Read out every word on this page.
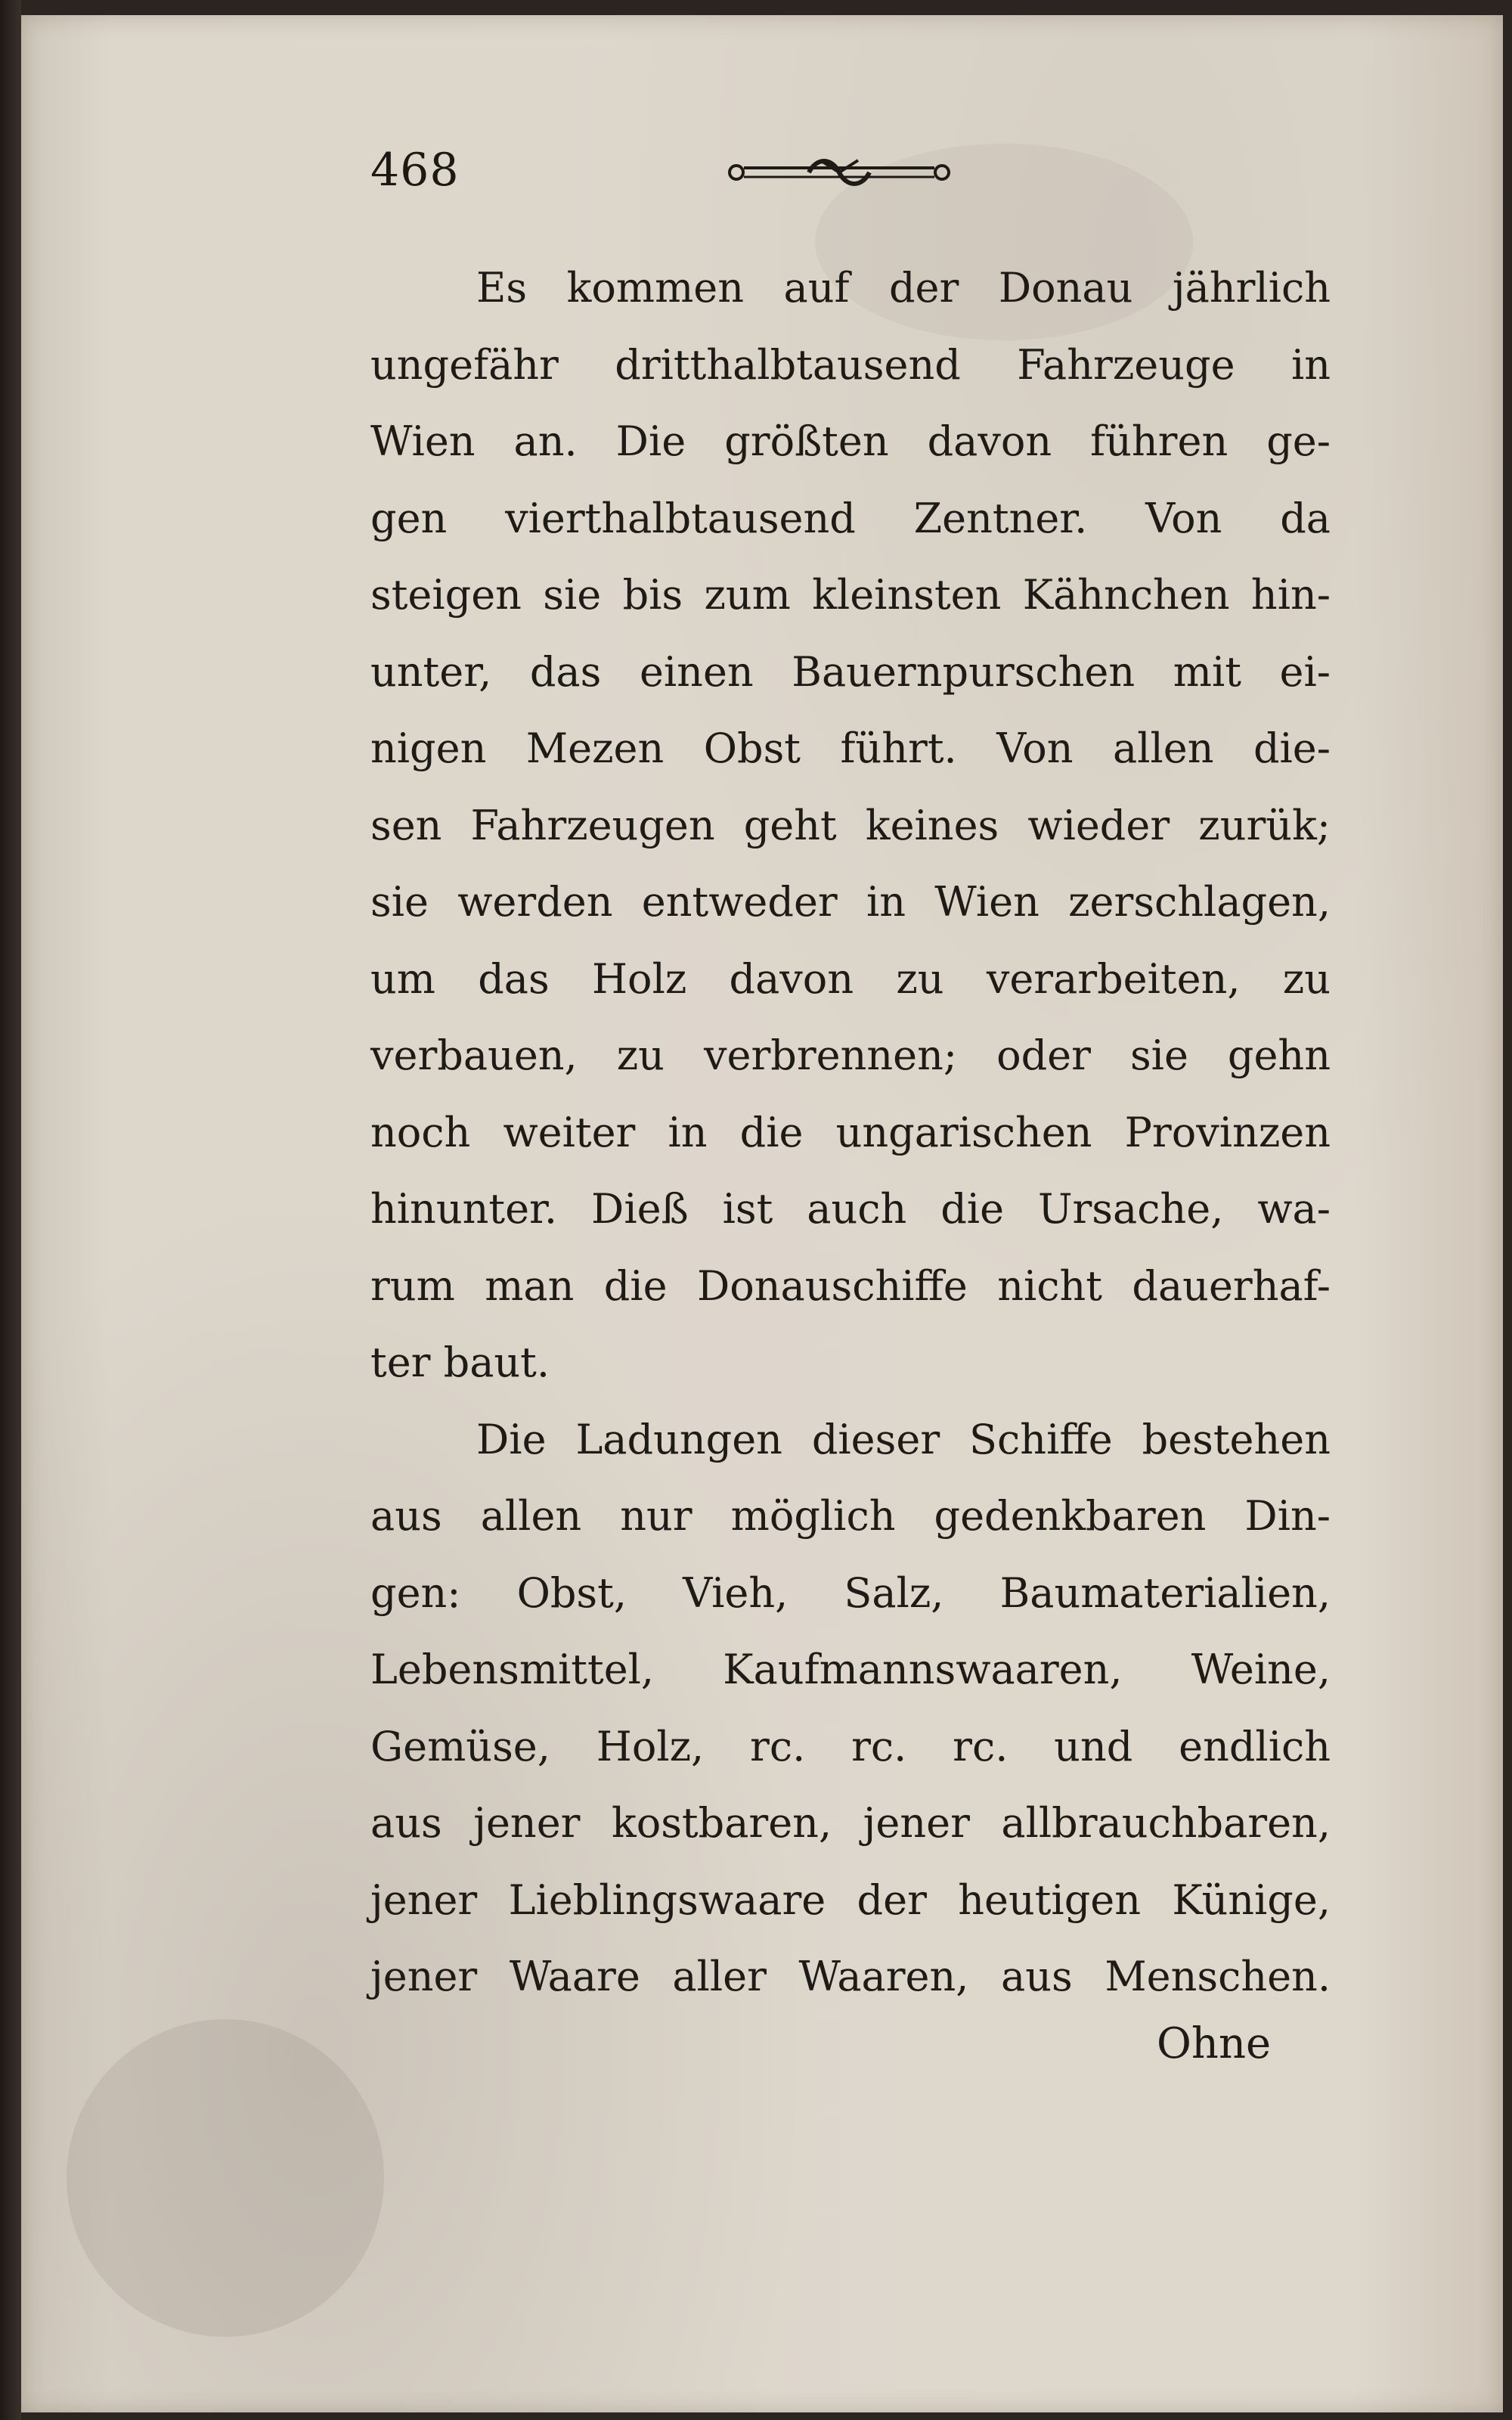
468
Es kommen auf der Donau jährlich
ungefähr dritthalbtausend Fahrzeuge in
Wien an. Die größten davon führen ge-
gen vierthalbtausend Zentner. Von da
steigen sie bis zum kleinsten Kähnchen hin-
unter, das einen Bauernpurschen mit ei-
nigen Mezen Obst führt. Von allen die-
sen Fahrzeugen geht keines wieder zurük;
sie werden entweder in Wien zerschlagen,
um das Holz davon zu verarbeiten, zu
verbauen, zu verbrennen; oder sie gehn
noch weiter in die ungarischen Provinzen
hinunter. Dieß ist auch die Ursache, wa-
rum man die Donauschiffe nicht dauerhaf-
ter baut.
Die Ladungen dieser Schiffe bestehen
aus allen nur möglich gedenkbaren Din-
gen: Obst, Vieh, Salz, Baumaterialien,
Lebensmittel, Kaufmannswaaren, Weine,
Gemüse, Holz, rc. rc. rc. und endlich
aus jener kostbaren, jener allbrauchbaren,
jener Lieblingswaare der heutigen Künige,
jener Waare aller Waaren, aus Menschen.
Ohne
